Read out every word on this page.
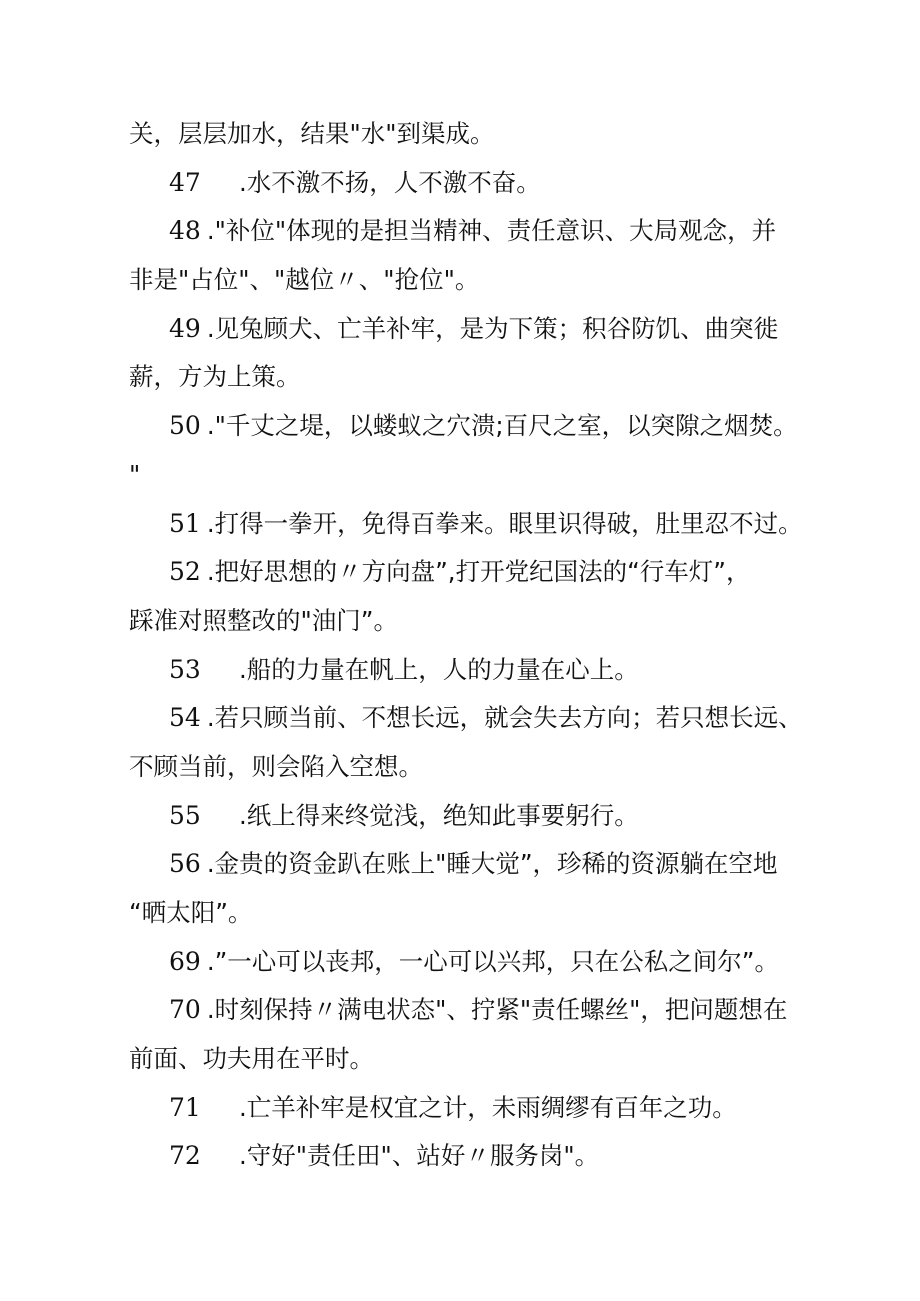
关，层层加水，结果"水"到渠成。
47 .水不激不扬，人不激不奋。
48 ."补位"体现的是担当精神、责任意识、大局观念，并
非是"占位"、"越位〃、"抢位"。
49 .见兔顾犬、亡羊补牢，是为下策；积谷防饥、曲突徙
薪，方为上策。
50 ."千丈之堤，以蝼蚁之穴溃;百尺之室，以突隙之烟焚。
"
51 .打得一拳开，免得百拳来。眼里识得破，肚里忍不过。
52 .把好思想的〃方向盘”,打开党纪国法的“行车灯”，
踩准对照整改的"油门”。
53 .船的力量在帆上，人的力量在心上。
54 .若只顾当前、不想长远，就会失去方向；若只想长远、
不顾当前，则会陷入空想。
55 .纸上得来终觉浅，绝知此事要躬行。
56 .金贵的资金趴在账上"睡大觉”，珍稀的资源躺在空地
“晒太阳”。
69 .”一心可以丧邦，一心可以兴邦，只在公私之间尔”。
70 .时刻保持〃满电状态"、拧紧"责任螺丝"，把问题想在
前面、功夫用在平时。
71 .亡羊补牢是权宜之计，未雨绸缪有百年之功。
72 .守好"责任田"、站好〃服务岗"。
